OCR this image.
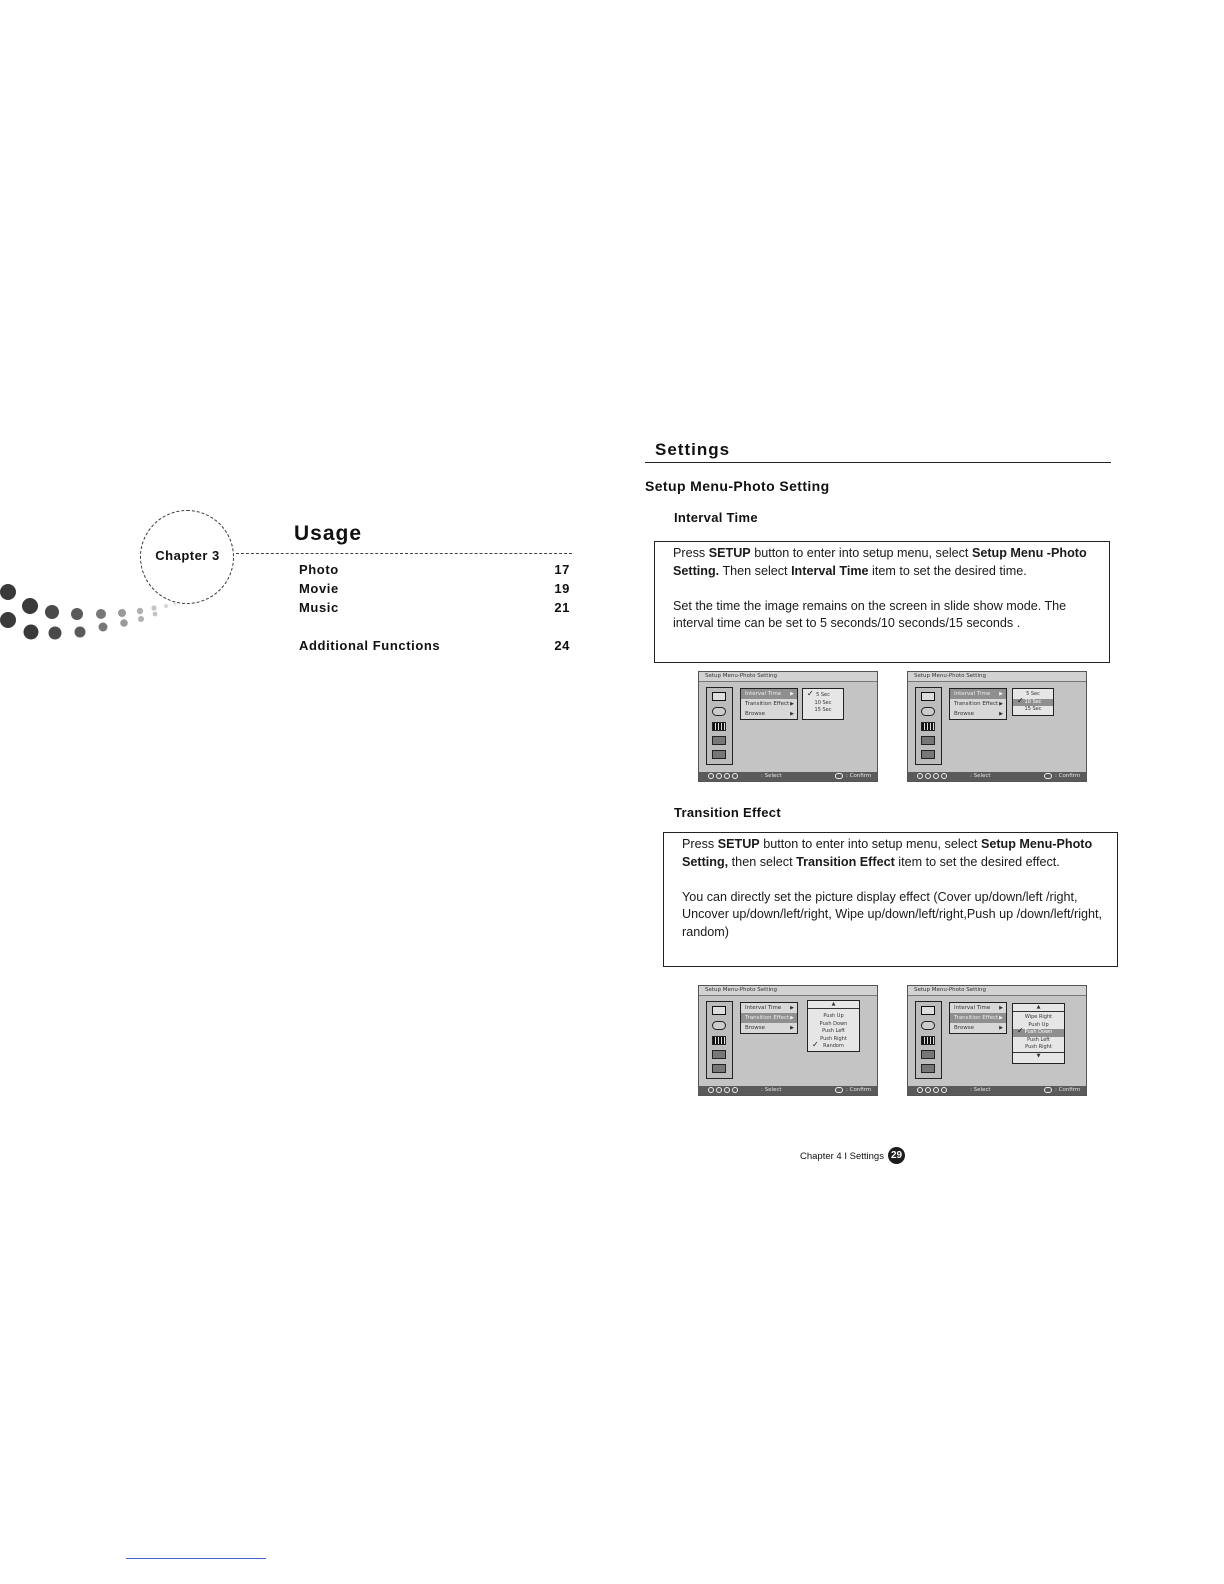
Chapter 3
Usage
Photo	17
Movie	19
Music	21
Additional Functions	24
Settings
Setup Menu-Photo Setting
Interval Time

Press SETUP button to enter into setup menu, select Setup Menu -Photo Setting. Then select Interval Time item to set the desired time.

Set the time the image remains on the screen in slide show mode. The interval time can be set to 5 seconds/10 seconds/15 seconds .

Setup Menu-Photo Setting
Interval Time ▶
Transition Effect ▶
Browse	▶
✓ 5 Sec
10 Sec
15 Sec
: Select	: Confirm
Setup Menu-Photo Setting
Interval Time ▶
Transition Effect ▶
Browse	▶
5 Sec
✓ 10 Sec
15 Sec
: Select	: Confirm
Transition Effect

Press SETUP button to enter into setup menu, select Setup Menu-Photo Setting, then select Transition Effect item to set the desired effect.

You can directly set the picture display effect (Cover up/down/left /right, Uncover up/down/left/right, Wipe up/down/left/right,Push up /down/left/right, random)

Setup Menu-Photo Setting
Interval Time ▶
Transition Effect ▶
Browse	▶
▲
Push Up
Push Down
Push Left
Push Right
✓ Random
: Select	: Confirm
Setup Menu-Photo Setting
Interval Time ▶
Transition Effect ▶
Browse	▶
▲
Wipe Right
Push Up
✓ Push Down
Push Left
Push Right
▼
: Select	: Confirm
Chapter 4 I Settings 29
